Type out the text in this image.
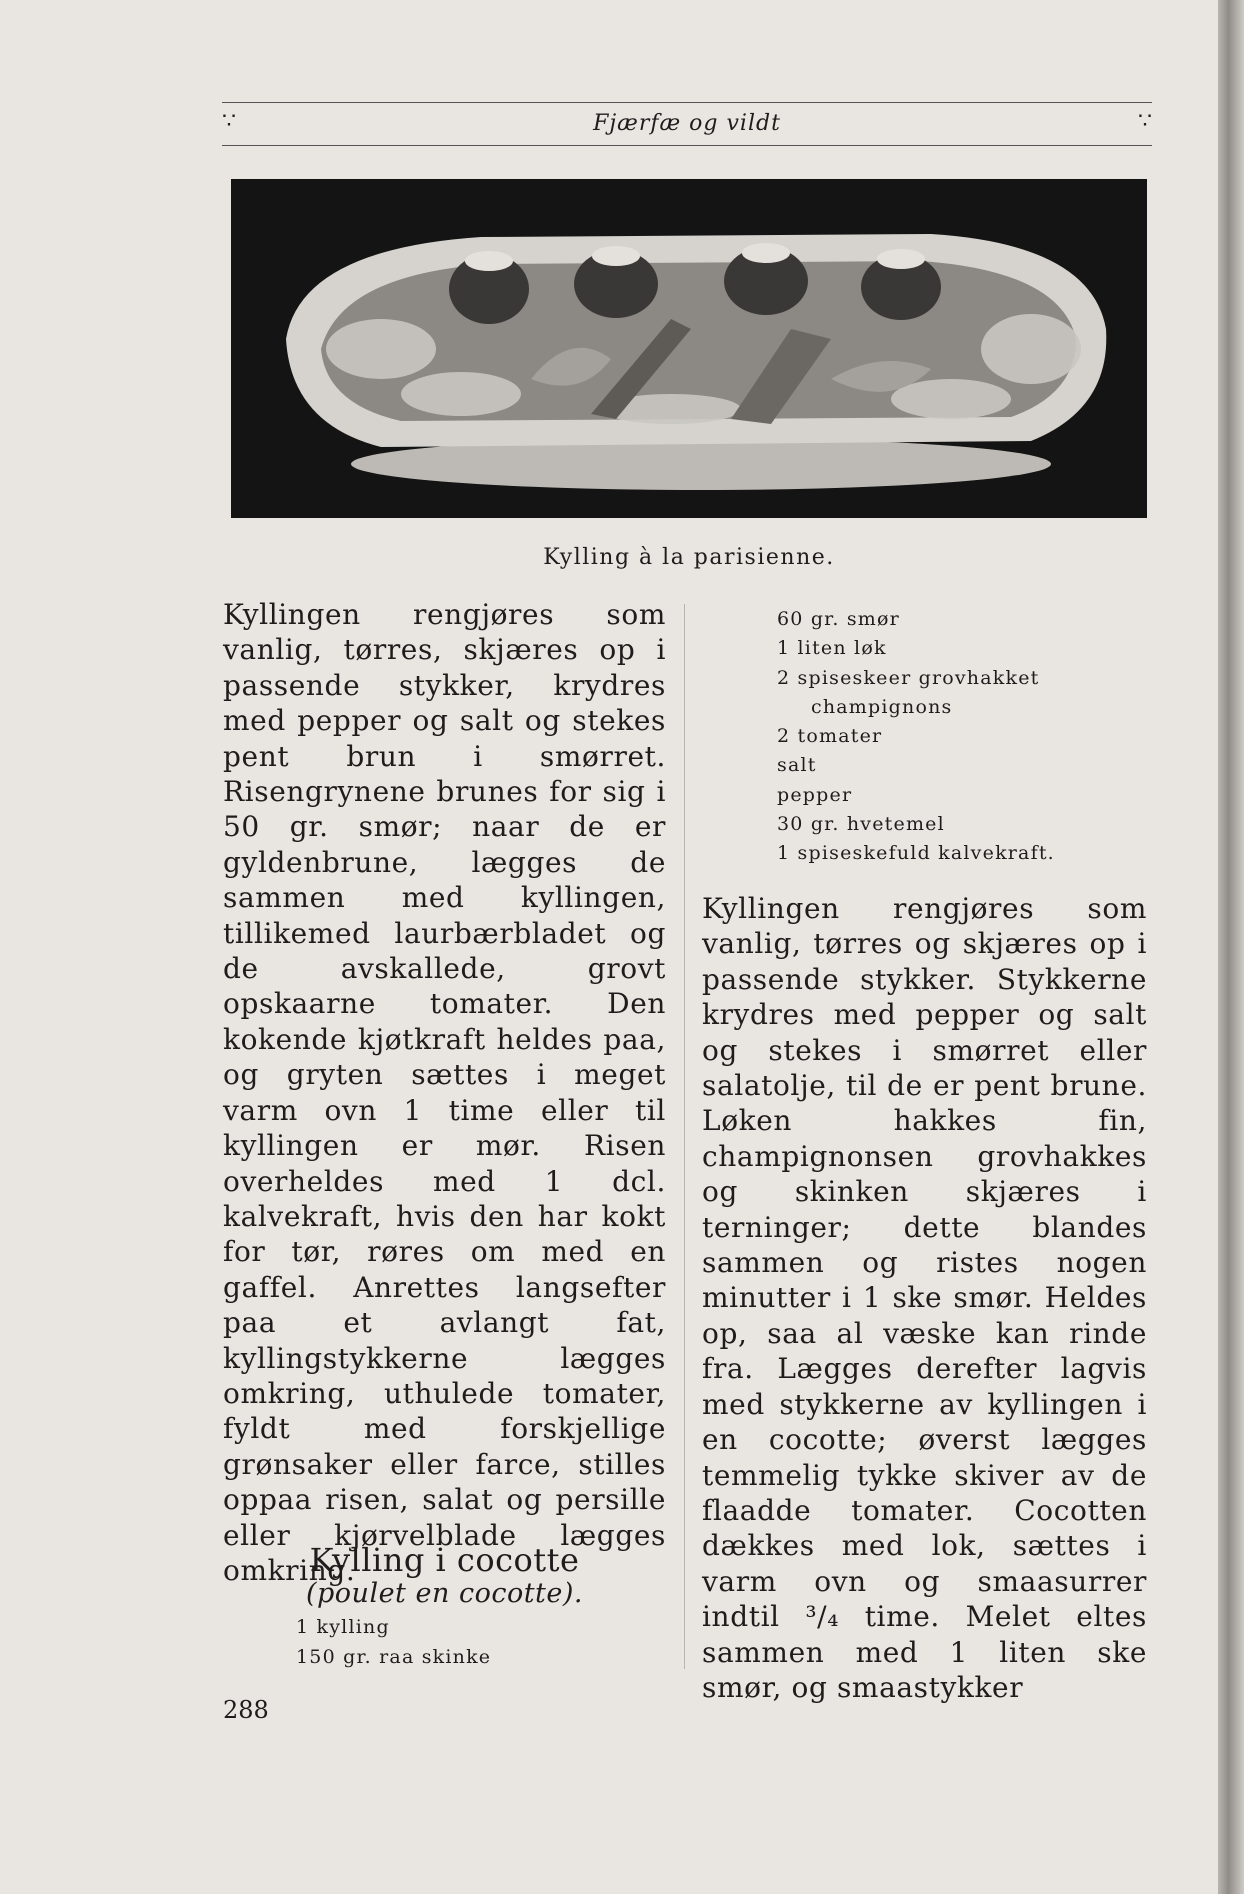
∵	Fjærfæ og vildt	∵
Kylling à la parisienne.

Kyllingen rengjøres som vanlig, tørres, skjæres op i passende stykker, krydres med pepper og salt og stekes pent brun i smørret. Risengrynene brunes for sig i 50 gr. smør; naar de er gyldenbrune, lægges de sammen med kyllingen, tillikemed laurbærbladet og de avskallede, grovt opskaarne tomater. Den kokende kjøtkraft heldes paa, og gryten sættes i meget varm ovn 1 time eller til kyllingen er mør. Risen overheldes med 1 dcl. kalvekraft, hvis den har kokt for tør, røres om med en gaffel. Anrettes langsefter paa et avlangt fat, kyllingstykkerne lægges omkring, uthulede tomater, fyldt med forskjellige grønsaker eller farce, stilles oppaa risen, salat og persille eller kjørvelblade lægges omkring.

Kylling i cocotte
(poulet en cocotte).
1 kylling
150 gr. raa skinke
60 gr. smør
1 liten løk
2 spiseskeer grovhakket
champignons
2 tomater
salt
pepper
30 gr. hvetemel
1 spiseskefuld kalvekraft.

Kyllingen rengjøres som vanlig, tørres og skjæres op i passende stykker. Stykkerne krydres med pepper og salt og stekes i smørret eller salatolje, til de er pent brune. Løken hakkes fin, champignonsen grovhakkes og skinken skjæres i terninger; dette blandes sammen og ristes nogen minutter i 1 ske smør. Heldes op, saa al væske kan rinde fra. Lægges derefter lagvis med stykkerne av kyllingen i en cocotte; øverst lægges temmelig tykke skiver av de flaadde tomater. Cocotten dækkes med lok, sættes i varm ovn og smaasurrer indtil ³/₄ time. Melet eltes sammen med 1 liten ske smør, og smaastykker

288
